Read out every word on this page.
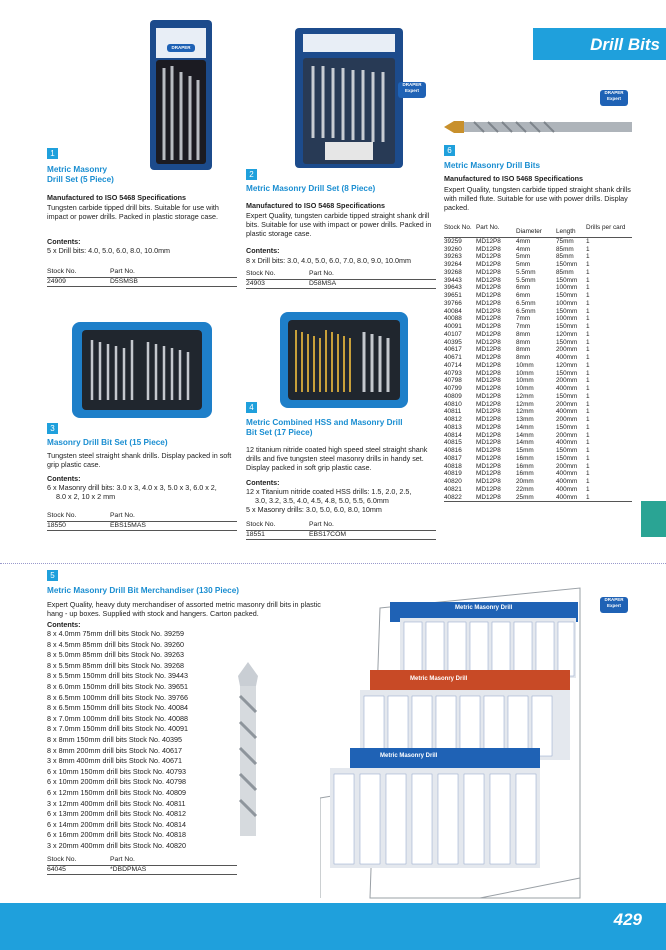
Drill Bits
429
DRAPER
DRAPER
Expert	DRAPER
Expert
DRAPER
Expert
1
Metric Masonry
Drill Set (5 Piece)
Manufactured to ISO 5468 Specifications
Tungsten carbide tipped drill bits. Suitable for use with impact or power drills. Packed in plastic storage case.
Contents:
5 x Drill bits: 4.0, 5.0, 6.0, 8.0, 10.0mm
Stock No.	Part No.
24909	D5SMSB
2
Metric Masonry Drill Set (8 Piece)
Manufactured to ISO 5468 Specifications
Expert Quality, tungsten carbide tipped straight shank drill bits. Suitable for use with impact or power drills. Packed in plastic storage case.
Contents:
8 x Drill bits: 3.0, 4.0, 5.0, 6.0, 7.0, 8.0, 9.0, 10.0mm
Stock No.	Part No.
24903	D58MSA
3
Masonry Drill Bit Set (15 Piece)
Tungsten steel straight shank drills. Display packed in soft grip plastic case.
Contents:
6 x Masonry drill bits: 3.0 x 3, 4.0 x 3, 5.0 x 3, 6.0 x 2,
8.0 x 2, 10 x 2 mm
Stock No.	Part No.
18550	EBS15MAS
4
Metric Combined HSS and Masonry Drill
Bit Set (17 Piece)
12 titanium nitride coated high speed steel straight shank drills and five tungsten steel masonry drills in handy set. Display packed in soft grip plastic case.
Contents:
12 x Titanium nitride coated HSS drills: 1.5, 2.0, 2.5,
3.0, 3.2, 3.5, 4.0, 4.5, 4.8, 5.0, 5.5, 6.0mm
5 x Masonry drills: 3.0, 5.0, 6.0, 8.0, 10mm
Stock No.	Part No.
18551	EBS17COM
6
Metric Masonry Drill Bits
Manufactured to ISO 5468 Specifications
Expert Quality, tungsten carbide tipped straight shank drills with milled flute. Suitable for use with power drills. Display packed.
Stock No. Part No.
Diameter	Length
Drills per card
39259	MD12P8	4mm	75mm	1
39260	MD12P8	4mm	85mm	1
39263	MD12P8	5mm	85mm	1
39264	MD12P8	5mm	150mm	1
39268	MD12P8	5.5mm	85mm	1
39443	MD12P8	5.5mm	150mm	1
39643	MD12P8	6mm	100mm	1
39651	MD12P8	6mm	150mm	1
39766	MD12P8	6.5mm	100mm	1
40084	MD12P8	6.5mm	150mm	1
40088	MD12P8	7mm	100mm	1
40091	MD12P8	7mm	150mm	1
40107	MD12P8	8mm	120mm	1
40395	MD12P8	8mm	150mm	1
40617	MD12P8	8mm	200mm	1
40671	MD12P8	8mm	400mm	1
40714	MD12P8	10mm	120mm	1
40793	MD12P8	10mm	150mm	1
40798	MD12P8	10mm	200mm	1
40799	MD12P8	10mm	400mm	1
40809	MD12P8	12mm	150mm	1
40810	MD12P8	12mm	200mm	1
40811	MD12P8	12mm	400mm	1
40812	MD12P8	13mm	200mm	1
40813	MD12P8	14mm	150mm	1
40814	MD12P8	14mm	200mm	1
40815	MD12P8	14mm	400mm	1
40816	MD12P8	15mm	150mm	1
40817	MD12P8	16mm	150mm	1
40818	MD12P8	16mm	200mm	1
40819	MD12P8	16mm	400mm	1
40820	MD12P8	20mm	400mm	1
40821	MD12P8	22mm	400mm	1
40822	MD12P8	25mm	400mm	1
5
Metric Masonry Drill Bit Merchandiser (130 Piece)
Expert Quality, heavy duty merchandiser of assorted metric masonry drill bits in plastic hang - up boxes. Supplied with stock and hangers. Carton packed.
Contents:
8 x 4.0mm 75mm drill bits Stock No. 39259
8 x 4.5mm 85mm drill bits Stock No. 39260
8 x 5.0mm 85mm drill bits Stock No. 39263
8 x 5.5mm 85mm drill bits Stock No. 39268
8 x 5.5mm 150mm drill bits Stock No. 39443
8 x 6.0mm 150mm drill bits Stock No. 39651
8 x 6.5mm 100mm drill bits Stock No. 39766
8 x 6.5mm 150mm drill bits Stock No. 40084
8 x 7.0mm 100mm drill bits Stock No. 40088
8 x 7.0mm 150mm drill bits Stock No. 40091
8 x 8mm 150mm drill bits Stock No. 40395
8 x 8mm 200mm drill bits Stock No. 40617
3 x 8mm 400mm drill bits Stock No. 40671
6 x 10mm 150mm drill bits Stock No. 40793
6 x 10mm 200mm drill bits Stock No. 40798
6 x 12mm 150mm drill bits Stock No. 40809
3 x 12mm 400mm drill bits Stock No. 40811
6 x 13mm 200mm drill bits Stock No. 40812
6 x 14mm 200mm drill bits Stock No. 40814
6 x 16mm 200mm drill bits Stock No. 40818
3 x 20mm 400mm drill bits Stock No. 40820
Stock No.	Part No.
64045	*DBDPMAS
Metric Masonry Drill
Metric Masonry Drill
Metric Masonry Drill
